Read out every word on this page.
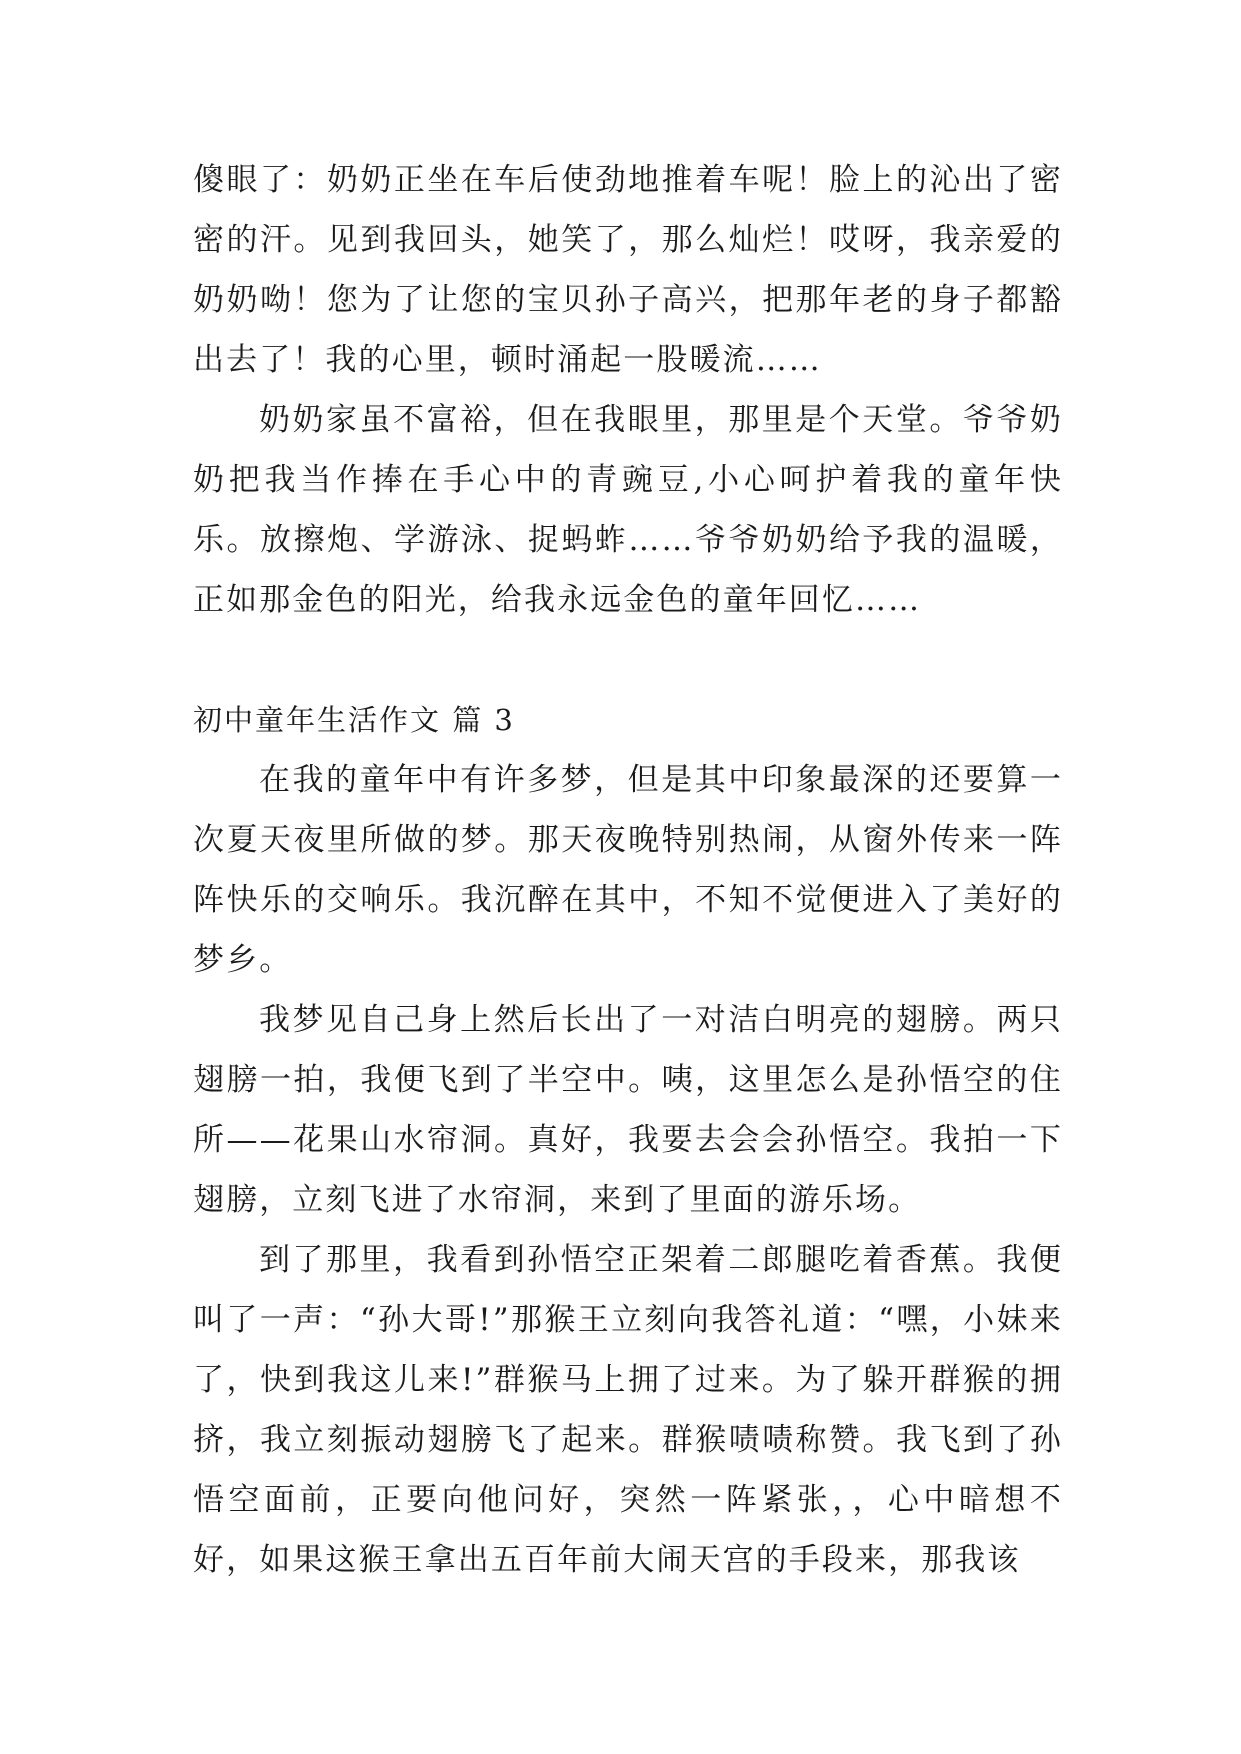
傻眼了：奶奶正坐在车后使劲地推着车呢！脸上的沁出了密密的汗。见到我回头，她笑了，那么灿烂！哎呀，我亲爱的奶奶呦！您为了让您的宝贝孙子高兴，把那年老的身子都豁出去了！我的心里，顿时涌起一股暖流……

奶奶家虽不富裕，但在我眼里，那里是个天堂。爷爷奶奶把我当作捧在手心中的青豌豆,小心呵护着我的童年快乐。放擦炮、学游泳、捉蚂蚱……爷爷奶奶给予我的温暖，正如那金色的阳光，给我永远金色的童年回忆……

初中童年生活作文 篇 3

在我的童年中有许多梦，但是其中印象最深的还要算一次夏天夜里所做的梦。那天夜晚特别热闹，从窗外传来一阵阵快乐的交响乐。我沉醉在其中，不知不觉便进入了美好的梦乡。

我梦见自己身上然后长出了一对洁白明亮的翅膀。两只翅膀一拍，我便飞到了半空中。咦，这里怎么是孙悟空的住所——花果山水帘洞。真好，我要去会会孙悟空。我拍一下翅膀，立刻飞进了水帘洞，来到了里面的游乐场。

到了那里，我看到孙悟空正架着二郎腿吃着香蕉。我便叫了一声：“孙大哥!”那猴王立刻向我答礼道：“嘿，小妹来了，快到我这儿来!”群猴马上拥了过来。为了躲开群猴的拥挤，我立刻振动翅膀飞了起来。群猴啧啧称赞。我飞到了孙悟空面前，正要向他问好，突然一阵紧张，，心中暗想不好，如果这猴王拿出五百年前大闹天宫的手段来，那我该
